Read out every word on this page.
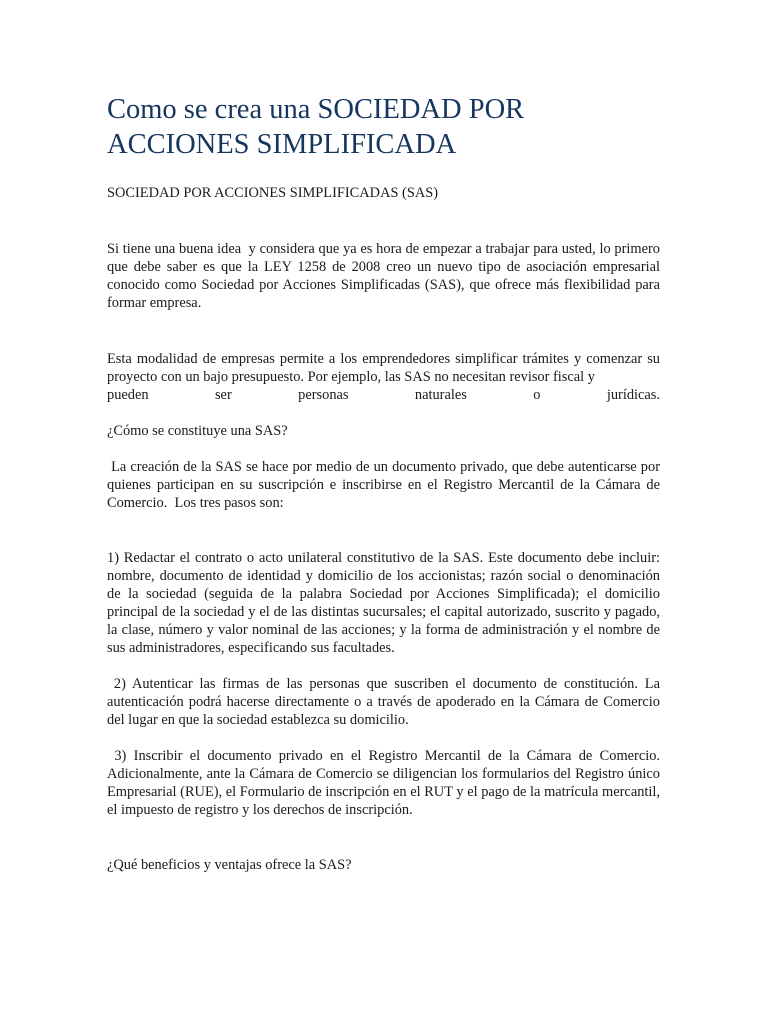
Como se crea una SOCIEDAD POR ACCIONES SIMPLIFICADA

SOCIEDAD POR ACCIONES SIMPLIFICADAS (SAS)

Si tiene una buena idea  y considera que ya es hora de empezar a trabajar para usted, lo primero que debe saber es que la LEY 1258 de 2008 creo un nuevo tipo de asociación empresarial conocido como Sociedad por Acciones Simplificadas (SAS), que ofrece más flexibilidad para formar empresa.

Esta modalidad de empresas permite a los emprendedores simplificar trámites y comenzar su proyecto con un bajo presupuesto. Por ejemplo, las SAS no necesitan revisor fiscal y
pueden ser personas naturales o jurídicas.

¿Cómo se constituye una SAS?

La creación de la SAS se hace por medio de un documento privado, que debe autenticarse por quienes participan en su suscripción e inscribirse en el Registro Mercantil de la Cámara de Comercio.  Los tres pasos son:

1) Redactar el contrato o acto unilateral constitutivo de la SAS. Este documento debe incluir: nombre, documento de identidad y domicilio de los accionistas; razón social o denominación de la sociedad (seguida de la palabra Sociedad por Acciones Simplificada); el domicilio principal de la sociedad y el de las distintas sucursales; el capital autorizado, suscrito y pagado, la clase, número y valor nominal de las acciones; y la forma de administración y el nombre de sus administradores, especificando sus facultades.

2) Autenticar las firmas de las personas que suscriben el documento de constitución. La autenticación podrá hacerse directamente o a través de apoderado en la Cámara de Comercio del lugar en que la sociedad establezca su domicilio.

3) Inscribir el documento privado en el Registro Mercantil de la Cámara de Comercio. Adicionalmente, ante la Cámara de Comercio se diligencian los formularios del Registro único Empresarial (RUE), el Formulario de inscripción en el RUT y el pago de la matrícula mercantil, el impuesto de registro y los derechos de inscripción.

¿Qué beneficios y ventajas ofrece la SAS?
